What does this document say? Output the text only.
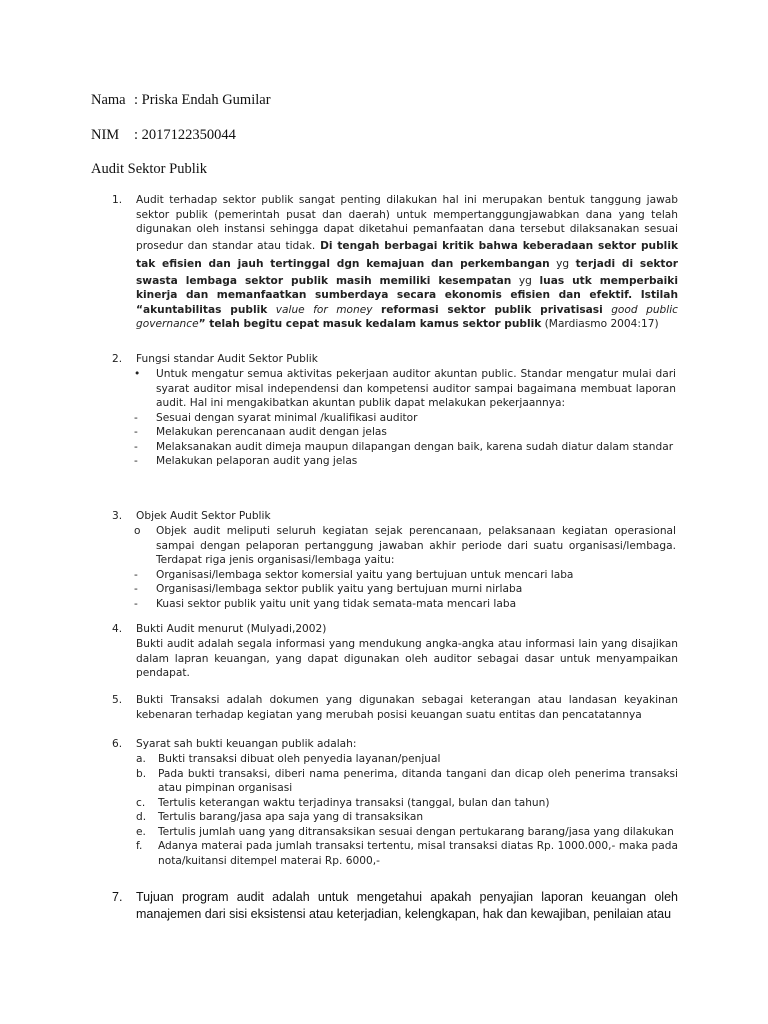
Nama : Priska Endah Gumilar
NIM : 2017122350044
Audit Sektor Publik
1.	Audit terhadap sektor publik sangat penting dilakukan hal ini merupakan bentuk tanggung jawab sektor publik (pemerintah pusat dan daerah) untuk mempertanggungjawabkan dana yang telah digunakan oleh instansi sehingga dapat diketahui pemanfaatan dana tersebut dilaksanakan sesuai prosedur dan standar atau tidak. Di tengah berbagai kritik bahwa keberadaan sektor publik tak efisien dan jauh tertinggal dgn kemajuan dan perkembangan yg terjadi di sektor swasta lembaga sektor publik masih memiliki kesempatan yg luas utk memperbaiki kinerja dan memanfaatkan sumberdaya secara ekonomis efisien dan efektif. Istilah “akuntabilitas publik value for money reformasi sektor publik privatisasi good public governance” telah begitu cepat masuk kedalam kamus sektor publik (Mardiasmo 2004:17)
2.	Fungsi standar Audit Sektor Publik
•	Untuk mengatur semua aktivitas pekerjaan auditor akuntan public. Standar mengatur mulai dari syarat auditor misal independensi dan kompetensi auditor sampai bagaimana membuat laporan audit. Hal ini mengakibatkan akuntan publik dapat melakukan pekerjaannya:
-	Sesuai dengan syarat minimal /kualifikasi auditor
-	Melakukan perencanaan audit dengan jelas
-	Melaksanakan audit dimeja maupun dilapangan dengan baik, karena sudah diatur dalam standar
-	Melakukan pelaporan audit yang jelas
3.	Objek Audit Sektor Publik
o	Objek audit meliputi seluruh kegiatan sejak perencanaan, pelaksanaan kegiatan operasional sampai dengan pelaporan pertanggung jawaban akhir periode dari suatu organisasi/lembaga. Terdapat riga jenis organisasi/lembaga yaitu:
-	Organisasi/lembaga sektor komersial yaitu yang bertujuan untuk mencari laba
-	Organisasi/lembaga sektor publik yaitu yang bertujuan murni nirlaba
-	Kuasi sektor publik yaitu unit yang tidak semata-mata mencari laba
4.	Bukti Audit menurut (Mulyadi,2002)
Bukti audit adalah segala informasi yang mendukung angka-angka atau informasi lain yang disajikan dalam lapran keuangan, yang dapat digunakan oleh auditor sebagai dasar untuk menyampaikan pendapat.
5.	Bukti Transaksi adalah dokumen yang digunakan sebagai keterangan atau landasan keyakinan kebenaran terhadap kegiatan yang merubah posisi keuangan suatu entitas dan pencatatannya
6.	Syarat sah bukti keuangan publik adalah:
a.	Bukti transaksi dibuat oleh penyedia layanan/penjual
b.	Pada bukti transaksi, diberi nama penerima, ditanda tangani dan dicap oleh penerima transaksi atau pimpinan organisasi
c.	Tertulis keterangan waktu terjadinya transaksi (tanggal, bulan dan tahun)
d.	Tertulis barang/jasa apa saja yang di transaksikan
e.	Tertulis jumlah uang yang ditransaksikan sesuai dengan pertukarang barang/jasa yang dilakukan
f.	Adanya materai pada jumlah transaksi tertentu, misal transaksi diatas Rp. 1000.000,- maka pada nota/kuitansi ditempel materai Rp. 6000,-
7.	Tujuan program audit adalah untuk mengetahui apakah penyajian laporan keuangan oleh manajemen dari sisi eksistensi atau keterjadian, kelengkapan, hak dan kewajiban, penilaian atau
